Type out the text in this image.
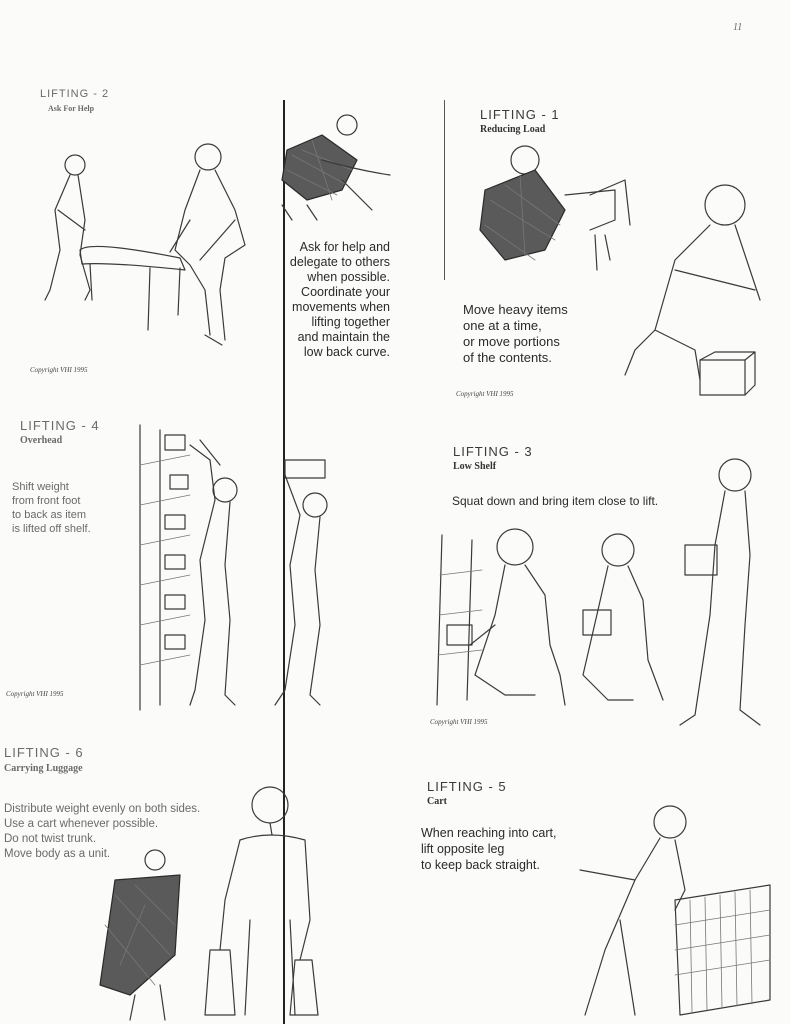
11
LIFTING - 2
Ask For Help
Ask for help and
delegate to others
when possible.
Coordinate your
movements when
lifting together
and maintain the
low back curve.
Copyright VHI 1995
LIFTING - 1
Reducing Load
Move heavy items
one at a time,
or move portions
of the contents.
Copyright VHI 1995
LIFTING - 4
Overhead
Shift weight
from front foot
to back as item
is lifted off shelf.
Copyright VHI 1995
LIFTING - 3
Low Shelf
Squat down and bring item close to lift.
Copyright VHI 1995
LIFTING - 6
Carrying Luggage
Distribute weight evenly on both sides.
Use a cart whenever possible.
Do not twist trunk.
Move body as a unit.
LIFTING - 5
Cart
When reaching into cart,
lift opposite leg
to keep back straight.
